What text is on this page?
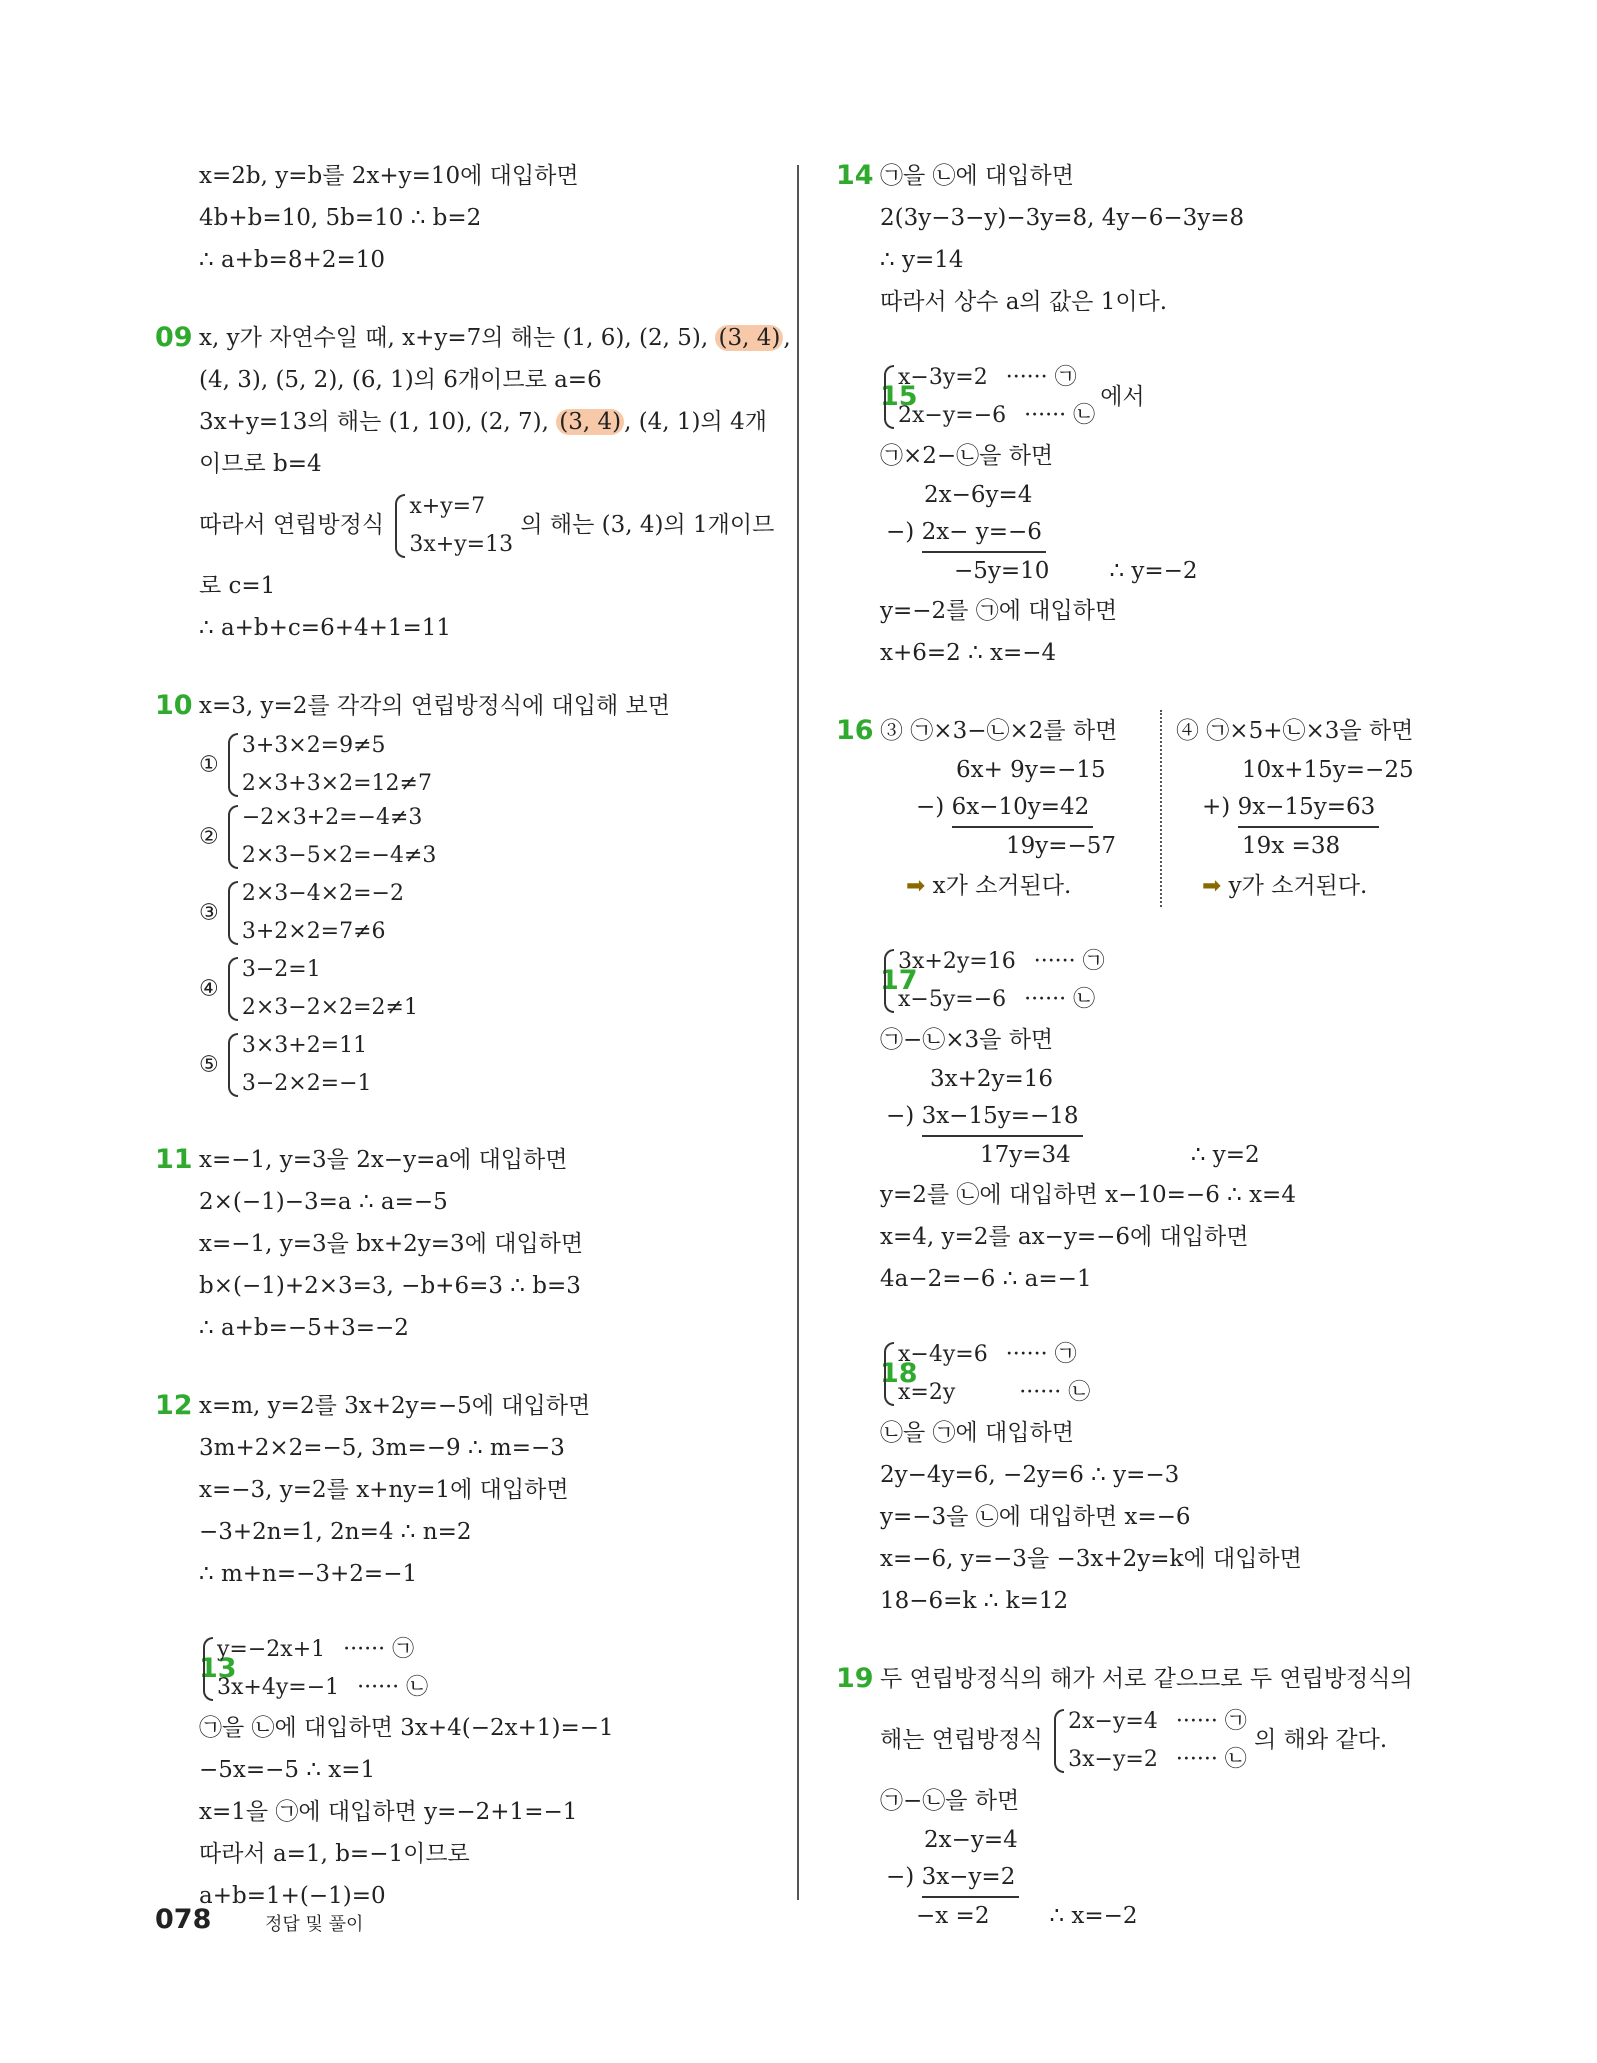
x=2b, y=b를 2x+y=10에 대입하면
4b+b=10, 5b=10 ∴ b=2
∴ a+b=8+2=10
09 x, y가 자연수일 때, x+y=7의 해는 (1, 6), (2, 5), (3, 4) ,
(4, 3), (5, 2), (6, 1)의 6개이므로 a=6
3x+y=13의 해는 (1, 10), (2, 7), (3, 4) , (4, 1)의 4개
이므로 b=4
따라서 연립방정식
x+y=7
3x+y=13
의 해는 (3, 4)의 1개이므
로 c=1
∴ a+b+c=6+4+1=11
10 x=3, y=2를 각각의 연립방정식에 대입해 보면
①
3+3×2=9≠5
2×3+3×2=12≠7
②
−2×3+2=−4≠3
2×3−5×2=−4≠3
③
2×3−4×2=−2
3+2×2=7≠6
④
3−2=1
2×3−2×2=2≠1
⑤
3×3+2=11
3−2×2=−1
11 x=−1, y=3을 2x−y=a에 대입하면
2×(−1)−3=a ∴ a=−5
x=−1, y=3을 bx+2y=3에 대입하면
b×(−1)+2×3=3, −b+6=3 ∴ b=3
∴ a+b=−5+3=−2
12 x=m, y=2를 3x+2y=−5에 대입하면
3m+2×2=−5, 3m=−9 ∴ m=−3
x=−3, y=2를 x+ny=1에 대입하면
−3+2n=1, 2n=4 ∴ n=2
∴ m+n=−3+2=−1
13
y=−2x+1 ······ ㉠
3x+4y=−1 ······ ㉡
㉠을 ㉡에 대입하면 3x+4(−2x+1)=−1
−5x=−5 ∴ x=1
x=1을 ㉠에 대입하면 y=−2+1=−1
따라서 a=1, b=−1이므로
a+b=1+(−1)=0
14 ㉠을 ㉡에 대입하면
2(3y−3−y)−3y=8, 4y−6−3y=8
∴ y=14
따라서 상수 a의 값은 1이다.
15
x−3y=2 ······ ㉠
2x−y=−6 ······ ㉡
에서
㉠×2−㉡을 하면
2x−6y=4
−) 2x− y=−6
−5y=10	∴ y=−2
y=−2를 ㉠에 대입하면
x+6=2 ∴ x=−4
16 ③ ㉠×3−㉡×2를 하면
6x+ 9y=−15
−) 6x−10y=42
19y=−57
➡ x가 소거된다.
④ ㉠×5+㉡×3을 하면
10x+15y=−25
+) 9x−15y=63
19x =38
➡ y가 소거된다.
17
3x+2y=16 ······ ㉠
x−5y=−6 ······ ㉡
㉠−㉡×3을 하면
3x+2y=16
−) 3x−15y=−18
17y=34	∴ y=2
y=2를 ㉡에 대입하면 x−10=−6 ∴ x=4
x=4, y=2를 ax−y=−6에 대입하면
4a−2=−6 ∴ a=−1
18
x−4y=6 ······ ㉠
x=2y	······ ㉡
㉡을 ㉠에 대입하면
2y−4y=6, −2y=6 ∴ y=−3
y=−3을 ㉡에 대입하면 x=−6
x=−6, y=−3을 −3x+2y=k에 대입하면
18−6=k ∴ k=12
19 두 연립방정식의 해가 서로 같으므로 두 연립방정식의
해는 연립방정식
2x−y=4 ······ ㉠
3x−y=2 ······ ㉡
의 해와 같다.
㉠−㉡을 하면
2x−y=4
−) 3x−y=2
−x =2	∴ x=−2
078	정답 및 풀이
